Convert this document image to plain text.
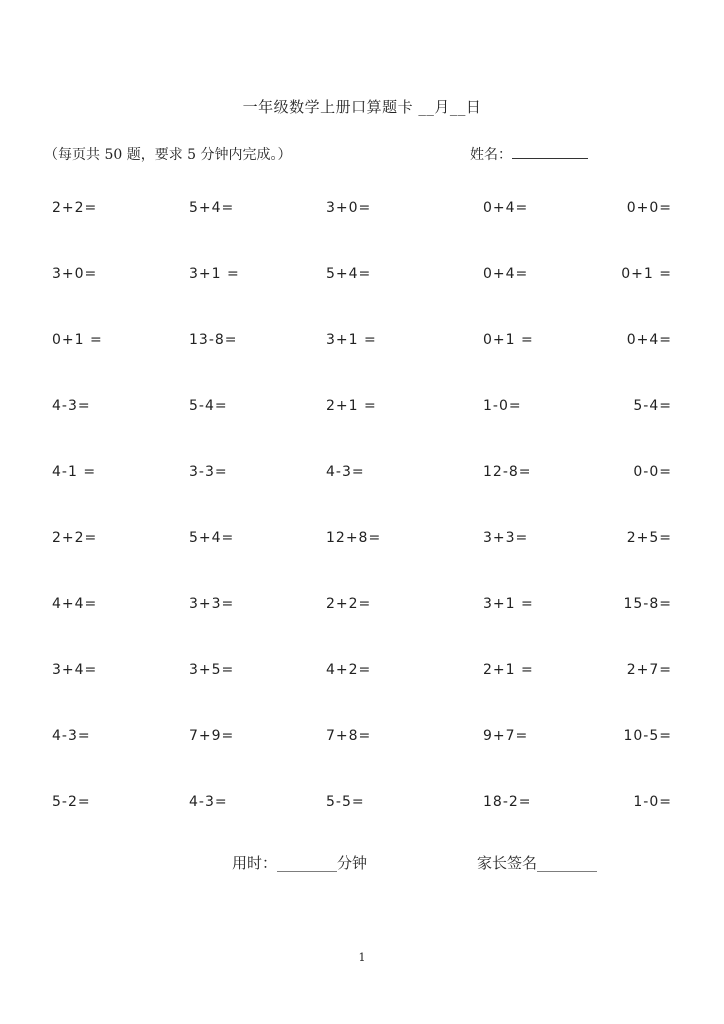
一年级数学上册口算题卡 __月__日
（每页共 50 题，要求 5 分钟内完成。）	姓名：
2+2=	5+4=	3+0=	0+4=	0+0=
3+0=	3+1 =	5+4=	0+4=	0+1 =
0+1 =	13-8=	3+1 =	0+1 =	0+4=
4-3=	5-4=	2+1 =	1-0=	5-4=
4-1 =	3-3=	4-3=	12-8=	0-0=
2+2=	5+4=	12+8=	3+3=	2+5=
4+4=	3+3=	2+2=	3+1 =	15-8=
3+4=	3+5=	4+2=	2+1 =	2+7=
4-3=	7+9=	7+8=	9+7=	10-5=
5-2=	4-3=	5-5=	18-2=	1-0=
用时：________分钟	家长签名________
1
